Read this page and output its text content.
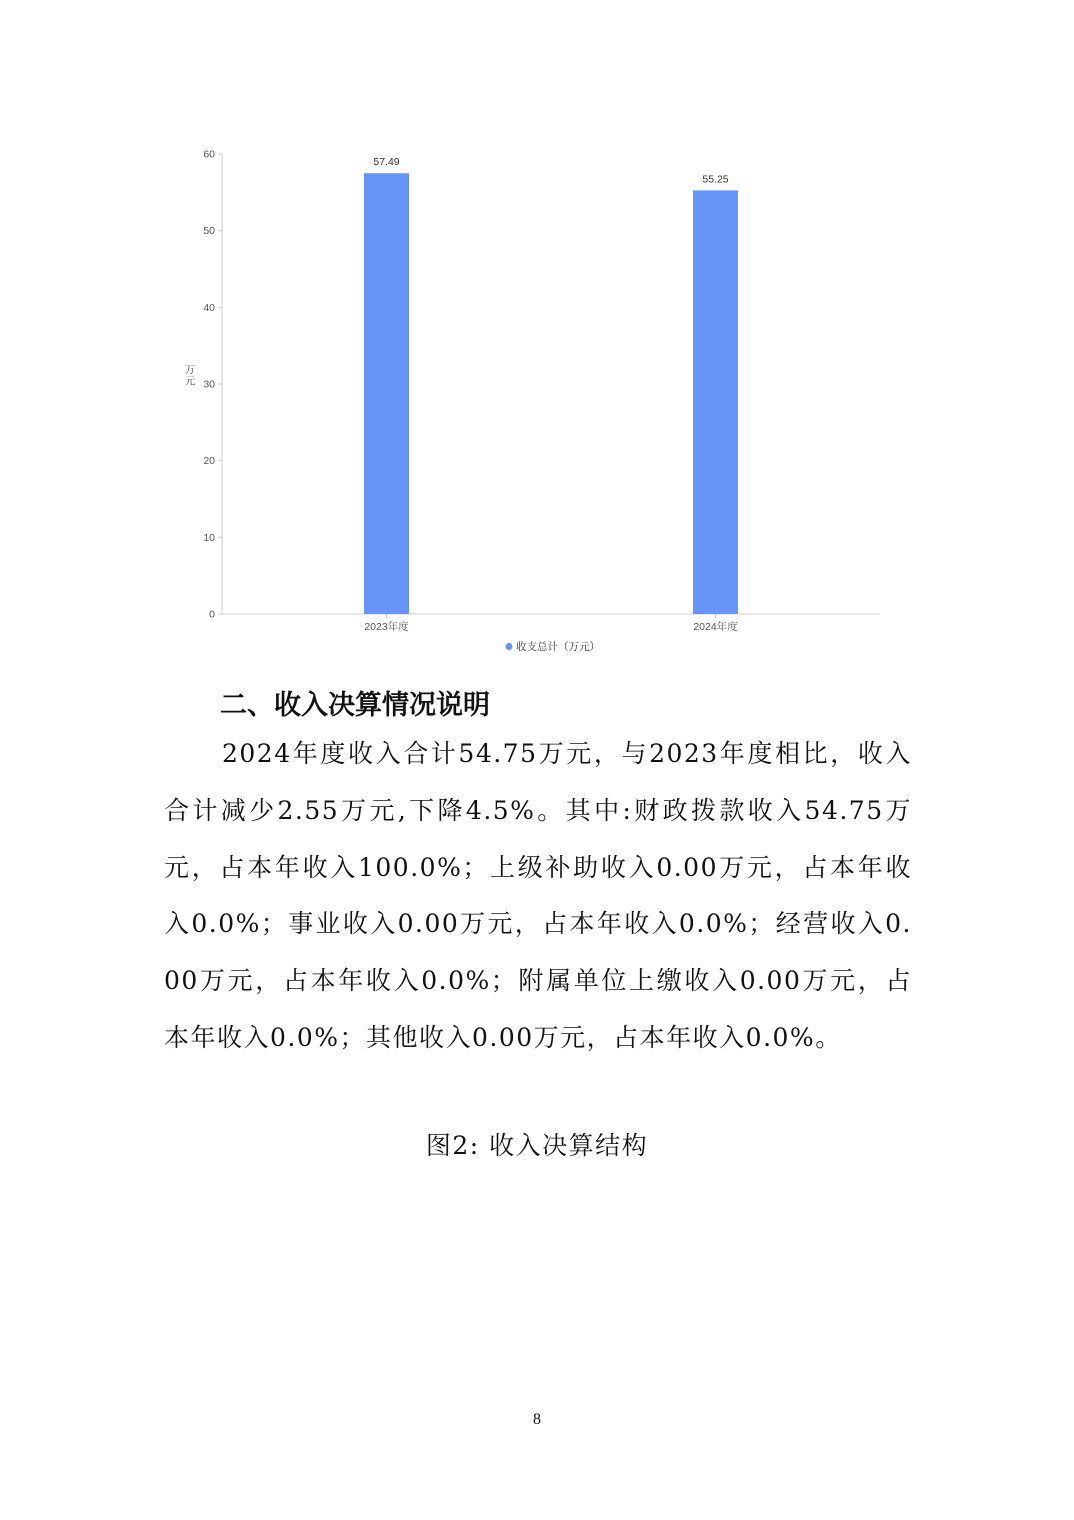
0
10
20
30
40
50
60
万元
2023年度	2024年度
57.49
55.25
收支总计（万元）
二、收入决算情况说明

2024年度收入合计54.75万元，与2023年度相比，收入合计减少2.55万元,下降4.5%。其中:财政拨款收入54.75万元，占本年收入100.0%；上级补助收入0.00万元，占本年收入0.0%；事业收入0.00万元，占本年收入0.0%；经营收入0.00万元，占本年收入0.0%；附属单位上缴收入0.00万元，占本年收入0.0%；其他收入0.00万元，占本年收入0.0%。

图2: 收入决算结构

8
